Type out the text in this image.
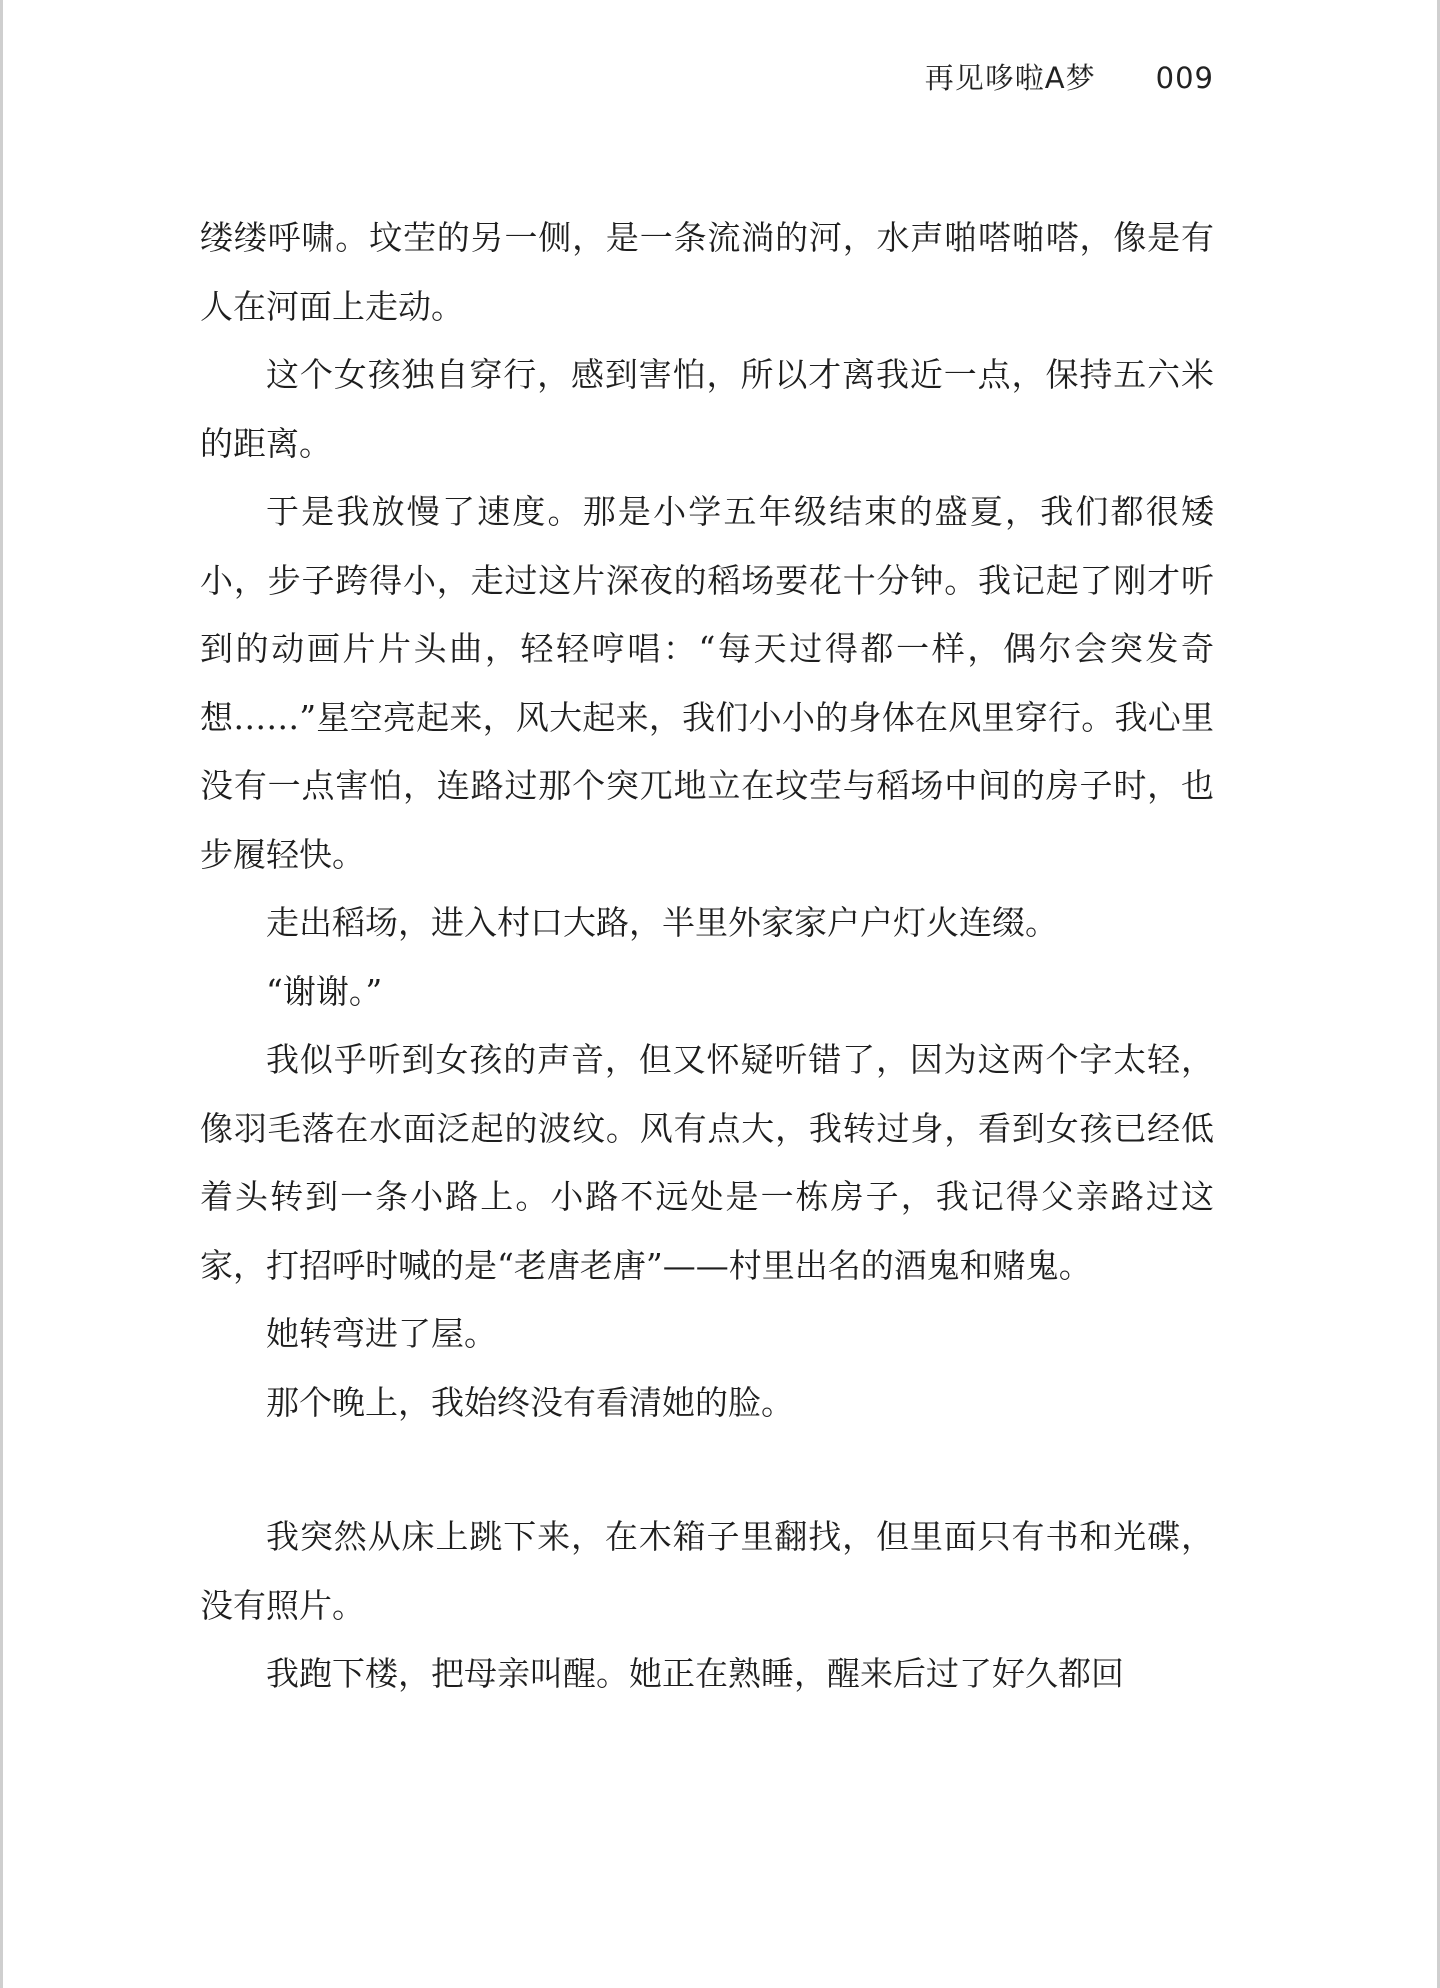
再见哆啦A梦 009

缕缕呼啸。坟茔的另一侧，是一条流淌的河，水声啪嗒啪嗒，像是有人在河面上走动。

这个女孩独自穿行，感到害怕，所以才离我近一点，保持五六米的距离。

于是我放慢了速度。那是小学五年级结束的盛夏，我们都很矮小，步子跨得小，走过这片深夜的稻场要花十分钟。我记起了刚才听到的动画片片头曲，轻轻哼唱：“每天过得都一样，偶尔会突发奇想……”星空亮起来，风大起来，我们小小的身体在风里穿行。我心里没有一点害怕，连路过那个突兀地立在坟茔与稻场中间的房子时，也步履轻快。

走出稻场，进入村口大路，半里外家家户户灯火连缀。

“谢谢。”

我似乎听到女孩的声音，但又怀疑听错了，因为这两个字太轻，像羽毛落在水面泛起的波纹。风有点大，我转过身，看到女孩已经低着头转到一条小路上。小路不远处是一栋房子，我记得父亲路过这家，打招呼时喊的是“老唐老唐”——村里出名的酒鬼和赌鬼。

她转弯进了屋。

那个晚上，我始终没有看清她的脸。

我突然从床上跳下来，在木箱子里翻找，但里面只有书和光碟，没有照片。

我跑下楼，把母亲叫醒。她正在熟睡，醒来后过了好久都回
